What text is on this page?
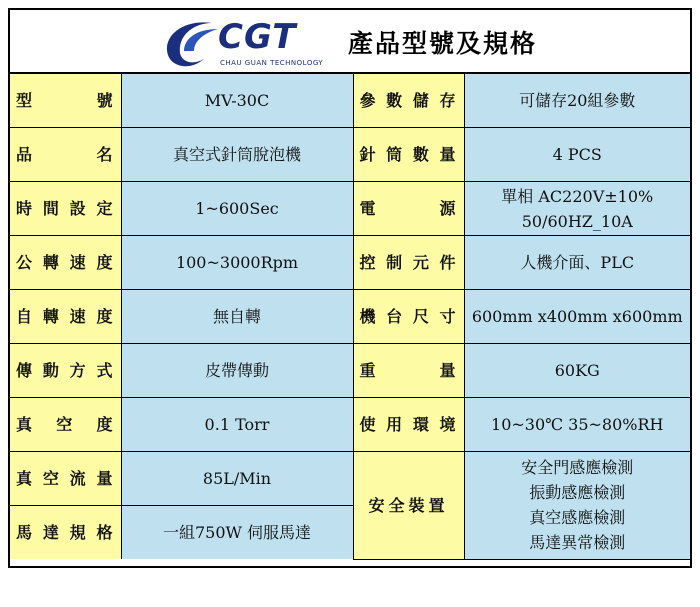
CGT
CHAU GUAN TECHNOLOGY
產品型號及規格
型號	MV-30C	參數儲存	可儲存20組參數
品名	真空式針筒脫泡機	針筒數量	4 PCS
時間設定	1~600Sec	電源	單相 AC220V±10%
50/60HZ_10A

公轉速度	100~3000Rpm	控制元件	人機介面、PLC
自轉速度	無自轉	機台尺寸	600mm x400mm x600mm
傳動方式	皮帶傳動	重量	60KG
真空度	0.1 Torr	使用環境	10~30℃ 35~80%RH
真空流量	85L/Min	安全裝置	安全門感應檢測
振動感應檢測
真空感應檢測
馬達異常檢測

馬達規格	一組750W 伺服馬達		
